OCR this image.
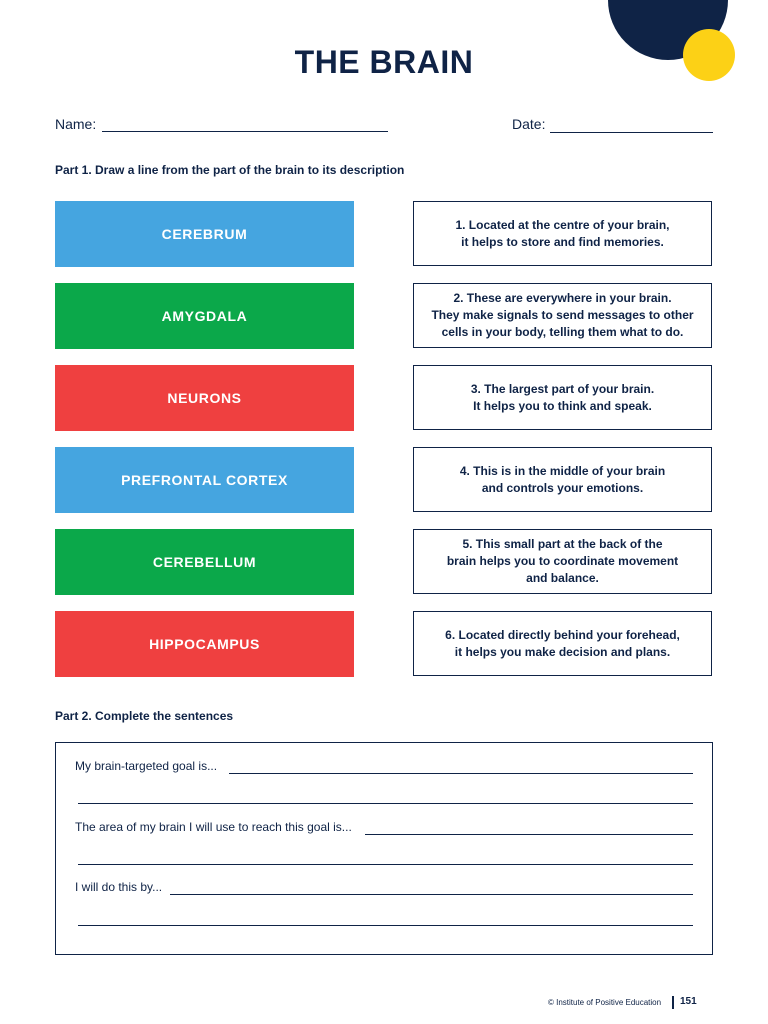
THE BRAIN
Name:	Date:
Part 1. Draw a line from the part of the brain to its description
CEREBRUM
AMYGDALA
NEURONS
PREFRONTAL CORTEX
CEREBELLUM
HIPPOCAMPUS
1. Located at the centre of your brain,
it helps to store and find memories.
2. These are everywhere in your brain.
They make signals to send messages to other
cells in your body, telling them what to do.
3. The largest part of your brain.
It helps you to think and speak.
4. This is in the middle of your brain
and controls your emotions.
5. This small part at the back of the
brain helps you to coordinate movement
and balance.
6. Located directly behind your forehead,
it helps you make decision and plans.
Part 2. Complete the sentences
My brain-targeted goal is...
The area of my brain I will use to reach this goal is...
I will do this by...
© Institute of Positive Education 151
